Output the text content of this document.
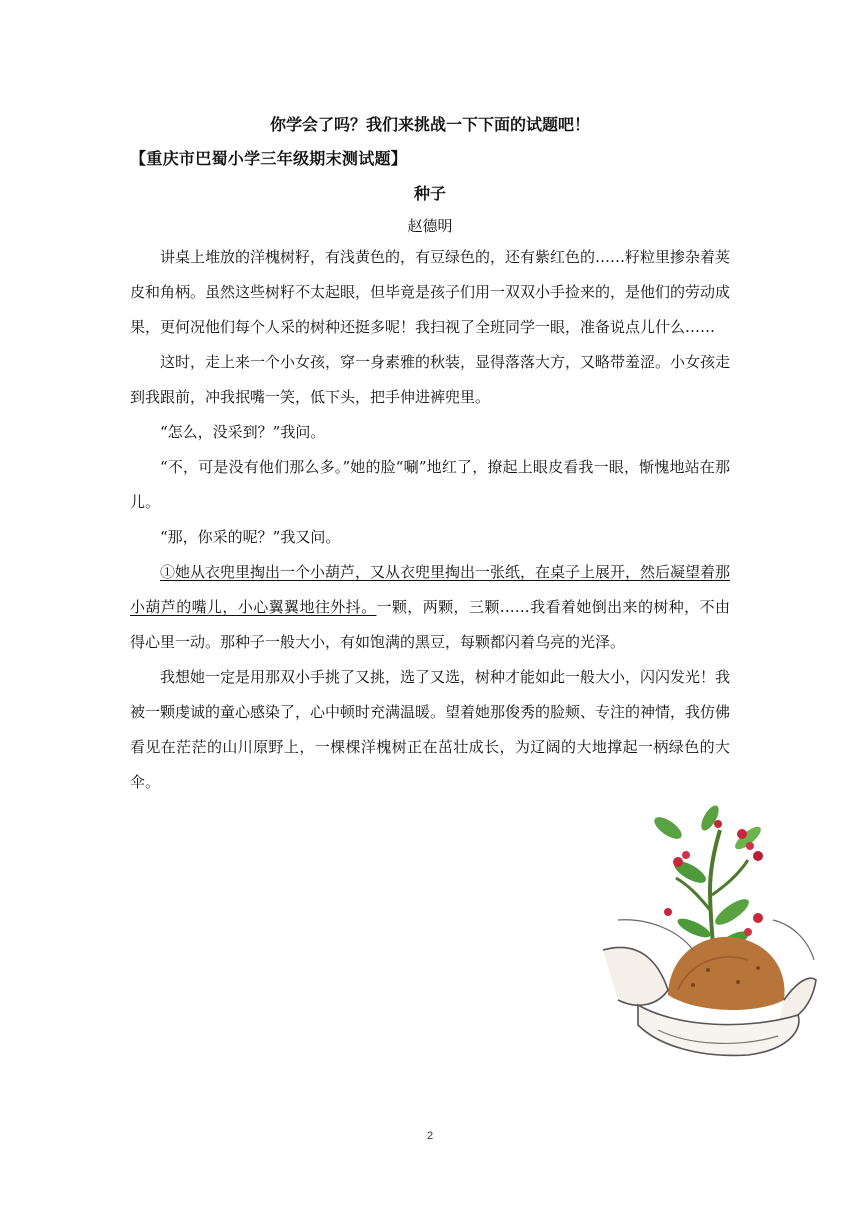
你学会了吗？我们来挑战一下下面的试题吧！
【重庆市巴蜀小学三年级期末测试题】
种子
赵德明

讲桌上堆放的洋槐树籽，有浅黄色的，有豆绿色的，还有紫红色的……籽粒里掺杂着荚皮和角柄。虽然这些树籽不太起眼，但毕竟是孩子们用一双双小手捡来的，是他们的劳动成果，更何况他们每个人采的树种还挺多呢！我扫视了全班同学一眼，准备说点儿什么……

这时，走上来一个小女孩，穿一身素雅的秋装，显得落落大方，又略带羞涩。小女孩走到我跟前，冲我抿嘴一笑，低下头，把手伸进裤兜里。

“怎么，没采到？”我问。

“不，可是没有他们那么多。”她的脸“唰”地红了，撩起上眼皮看我一眼，惭愧地站在那儿。

“那，你采的呢？”我又问。

①她从衣兜里掏出一个小葫芦，又从衣兜里掏出一张纸，在桌子上展开，然后凝望着那小葫芦的嘴儿，小心翼翼地往外抖。一颗，两颗，三颗……我看着她倒出来的树种，不由得心里一动。那种子一般大小，有如饱满的黑豆，每颗都闪着乌亮的光泽。

我想她一定是用那双小手挑了又挑，选了又选，树种才能如此一般大小，闪闪发光！我被一颗虔诚的童心感染了，心中顿时充满温暖。望着她那俊秀的脸颊、专注的神情，我仿佛看见在茫茫的山川原野上，一棵棵洋槐树正在茁壮成长，为辽阔的大地撑起一柄绿色的大伞。

2
